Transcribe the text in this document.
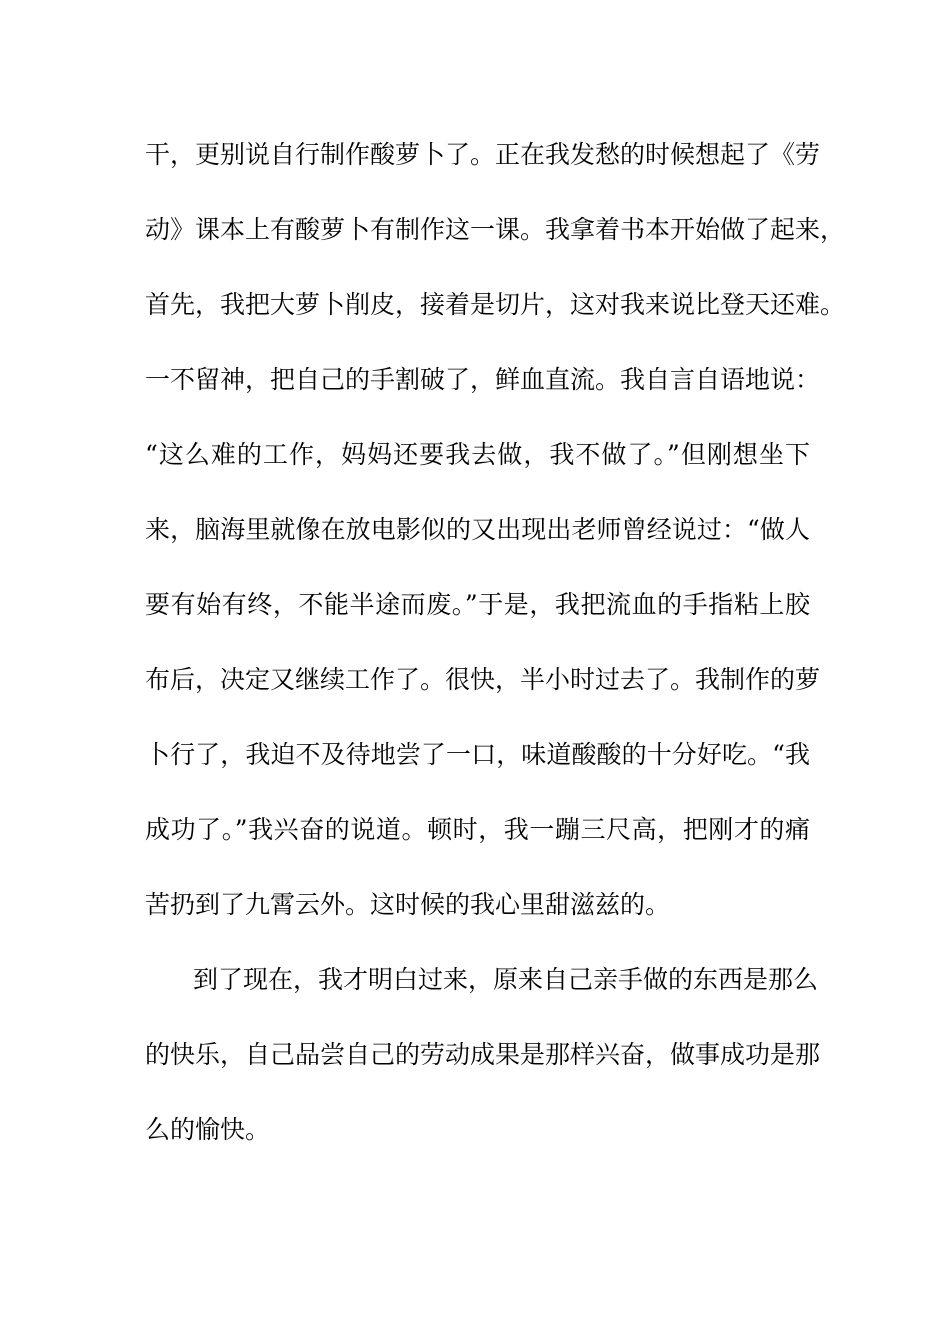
干，更别说自行制作酸萝卜了。正在我发愁的时候想起了《劳
动》课本上有酸萝卜有制作这一课。我拿着书本开始做了起来，
首先，我把大萝卜削皮，接着是切片，这对我来说比登天还难。
一不留神，把自己的手割破了，鲜血直流。我自言自语地说：
“这么难的工作，妈妈还要我去做，我不做了。”但刚想坐下
来，脑海里就像在放电影似的又出现出老师曾经说过：“做人
要有始有终，不能半途而废。”于是，我把流血的手指粘上胶
布后，决定又继续工作了。很快，半小时过去了。我制作的萝
卜行了，我迫不及待地尝了一口，味道酸酸的十分好吃。“我
成功了。”我兴奋的说道。顿时，我一蹦三尺高，把刚才的痛
苦扔到了九霄云外。这时候的我心里甜滋兹的。
到了现在，我才明白过来，原来自己亲手做的东西是那么
的快乐，自己品尝自己的劳动成果是那样兴奋，做事成功是那
么的愉快。
